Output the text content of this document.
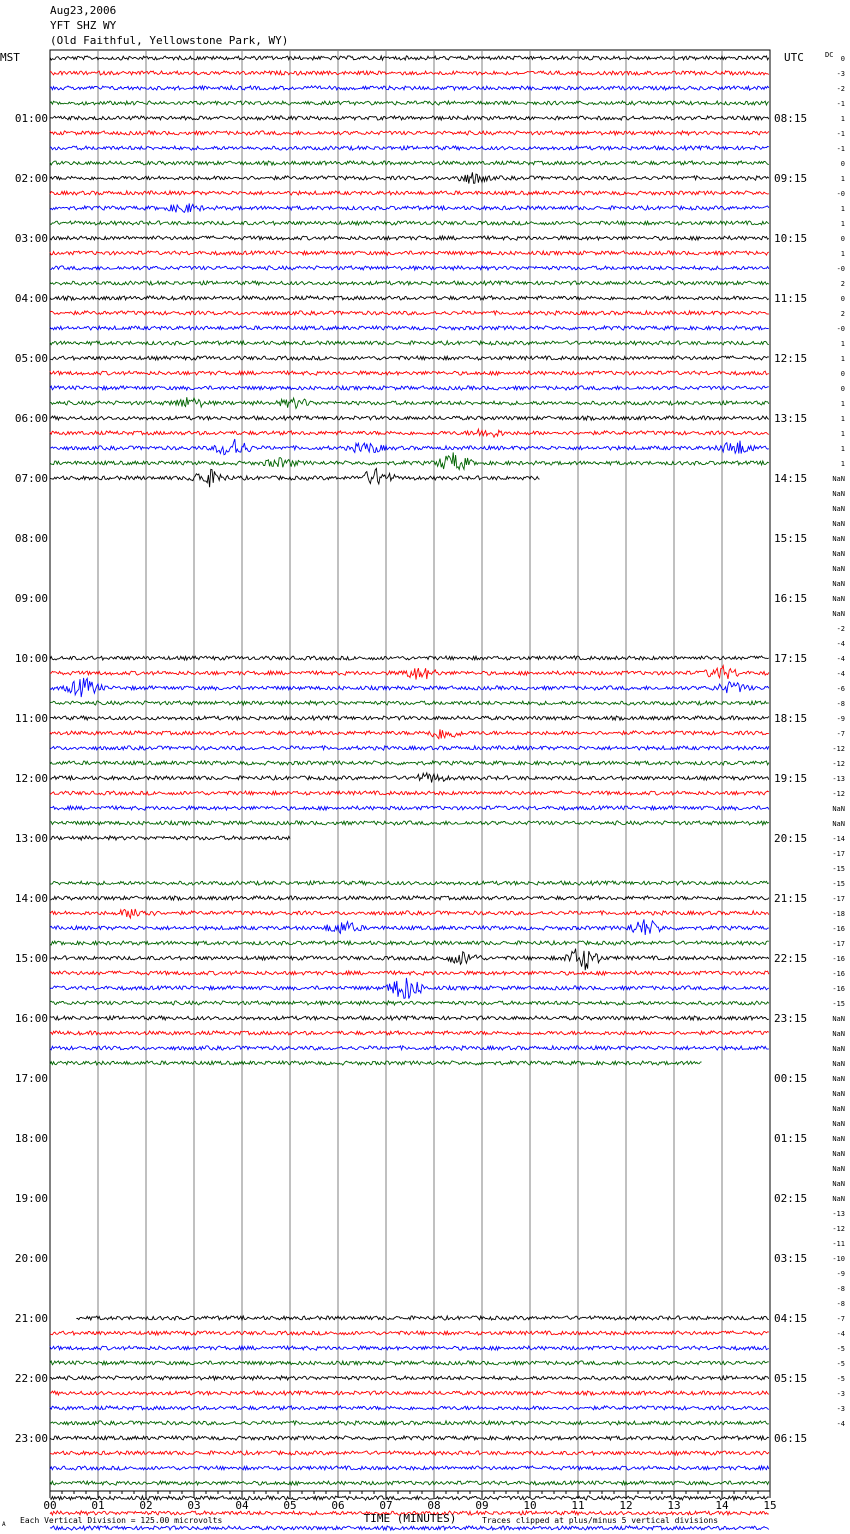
Aug23,2006
YFT SHZ WY
(Old Faithful, Yellowstone Park, WY)
MST	UTC	DC
00	01	02	03	04	05	06	07	08	09	10	11	12	13	14	15
01:00	08:15
02:00	09:15
03:00	10:15
04:00	11:15
05:00	12:15
06:00	13:15
07:00	14:15
08:00	15:15
09:00	16:15
10:00	17:15
11:00	18:15
12:00	19:15
13:00	20:15
14:00	21:15
15:00	22:15
16:00	23:15
17:00	00:15
18:00	01:15
19:00	02:15
20:00	03:15
21:00	04:15
22:00	05:15
23:00	06:15
0
-3
-2
-1
1
-1
-1
0
1
-0
1
1
0
1
-0
2
0
2
-0
1
1
0
0
1
1
1
1
1
NaN
NaN
NaN
NaN
NaN
NaN
NaN
NaN
NaN
NaN
-2
-4
-4
-4
-6
-8
-9
-7
-12
-12
-13
-12
NaN
NaN
-14
-17
-15
-15
-17
-18
-16
-17
-16
-16
-16
-15
NaN
NaN
NaN
NaN
NaN
NaN
NaN
NaN
NaN
NaN
NaN
NaN
NaN
-13
-12
-11
-10
-9
-8
-8
-7
-4
-5
-5
-5
-3
-3
-4
TIME (MINUTES)
Each Vertical Division = 125.00 microvolts	Traces clipped at plus/minus 5 vertical divisions
A
